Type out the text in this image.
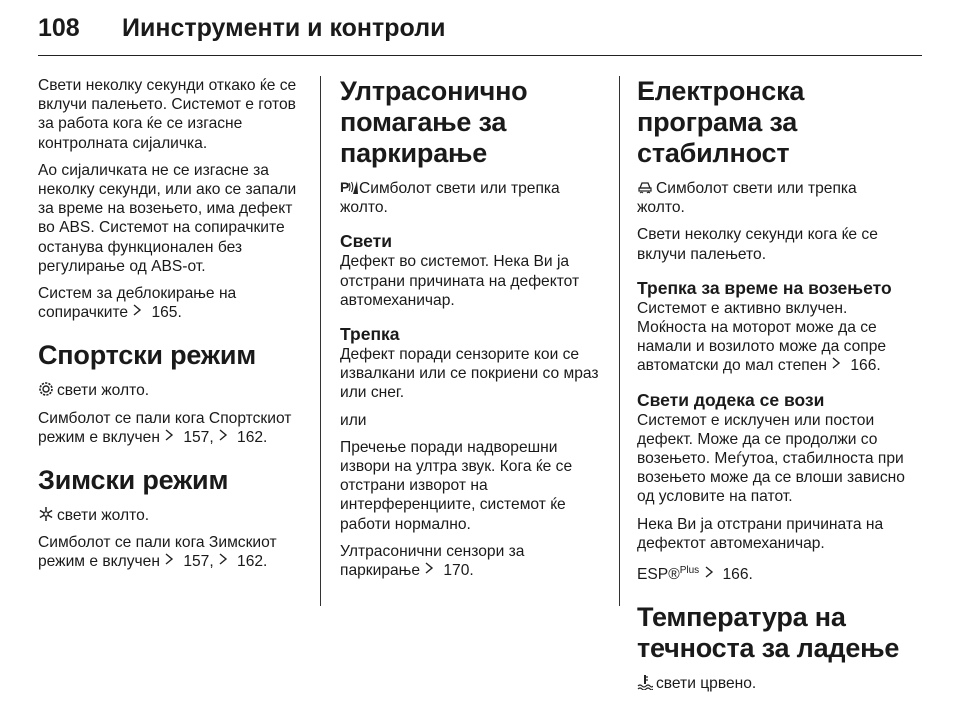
108	Иинструменти и контроли

Свети неколку секунди откако ќе се вклучи палењето. Системот е готов за работа кога ќе се изгасне контролната сијаличка.

Ао сијаличката не се изгасне за неколку секунди, или ако се запали за време на возењето, има дефект во ABS. Системот на сопирачките останува функционален без регулирање од ABS-от.

Систем за деблокирање на сопирачките 165.

Спортски режим

свети жолто.

Симболот се пали кога Спортскиот режим е вклучен 157, 162.

Зимски режим

свети жолто.

Симболот се пали кога Зимскиот режим е вклучен 157, 162.

Ултрасонично помагање за паркирање

P Симболот свети или трепка жолто.

Свети

Дефект во системот. Нека Ви ја отстрани причината на дефектот автомеханичар.

Трепка

Дефект поради сензорите кои се извалкани или се покриени со мраз или снег.

или

Пречење поради надворешни извори на ултра звук. Кога ќе се отстрани изворот на интерференциите, системот ќе работи нормално.

Ултрасонични сензори за паркирање 170.

Електронска програма за стабилност

Симболот свети или трепка жолто.

Свети неколку секунди кога ќе се вклучи палењето.

Трепка за време на возењето

Системот е активно вклучен.

Моќноста на моторот може да се намали и возилото може да сопре автоматски до мал степен 166.

Свети додека се вози

Системот е исклучен или постои дефект. Може да се продолжи со возењето. Меѓутоа, стабилноста при возењето може да се влоши зависно од условите на патот.

Нека Ви ја отстрани причината на дефектот автомеханичар.

ESP®$^{Plus}$ 166.

Температура на течноста за ладење

свети црвено.
